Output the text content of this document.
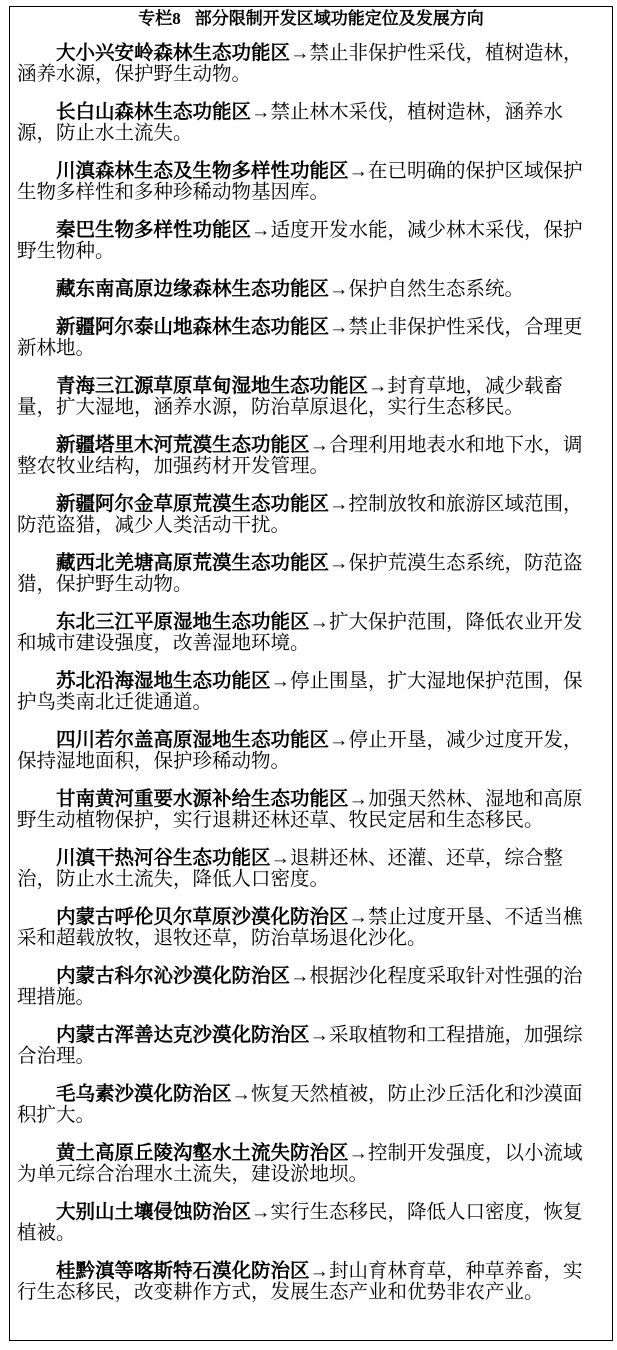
专栏8 部分限制开发区域功能定位及发展方向

大小兴安岭森林生态功能区→禁止非保护性采伐，植树造林，涵养水源，保护野生动物。

长白山森林生态功能区→禁止林木采伐，植树造林，涵养水源，防止水土流失。

川滇森林生态及生物多样性功能区→在已明确的保护区域保护生物多样性和多种珍稀动物基因库。

秦巴生物多样性功能区→适度开发水能，减少林木采伐，保护野生物种。

藏东南高原边缘森林生态功能区→保护自然生态系统。

新疆阿尔泰山地森林生态功能区→禁止非保护性采伐，合理更新林地。

青海三江源草原草甸湿地生态功能区→封育草地，减少载畜量，扩大湿地，涵养水源，防治草原退化，实行生态移民。

新疆塔里木河荒漠生态功能区→合理利用地表水和地下水，调整农牧业结构，加强药材开发管理。

新疆阿尔金草原荒漠生态功能区→控制放牧和旅游区域范围，防范盗猎，减少人类活动干扰。

藏西北羌塘高原荒漠生态功能区→保护荒漠生态系统，防范盗猎，保护野生动物。

东北三江平原湿地生态功能区→扩大保护范围，降低农业开发和城市建设强度，改善湿地环境。

苏北沿海湿地生态功能区→停止围垦，扩大湿地保护范围，保护鸟类南北迁徙通道。

四川若尔盖高原湿地生态功能区→停止开垦，减少过度开发，保持湿地面积，保护珍稀动物。

甘南黄河重要水源补给生态功能区→加强天然林、湿地和高原野生动植物保护，实行退耕还林还草、牧民定居和生态移民。

川滇干热河谷生态功能区→退耕还林、还灌、还草，综合整治，防止水土流失，降低人口密度。

内蒙古呼伦贝尔草原沙漠化防治区→禁止过度开垦、不适当樵采和超载放牧，退牧还草，防治草场退化沙化。

内蒙古科尔沁沙漠化防治区→根据沙化程度采取针对性强的治理措施。

内蒙古浑善达克沙漠化防治区→采取植物和工程措施，加强综合治理。

毛乌素沙漠化防治区→恢复天然植被，防止沙丘活化和沙漠面积扩大。

黄土高原丘陵沟壑水土流失防治区→控制开发强度，以小流域为单元综合治理水土流失，建设淤地坝。

大别山土壤侵蚀防治区→实行生态移民，降低人口密度，恢复植被。

桂黔滇等喀斯特石漠化防治区→封山育林育草，种草养畜，实行生态移民，改变耕作方式，发展生态产业和优势非农产业。
